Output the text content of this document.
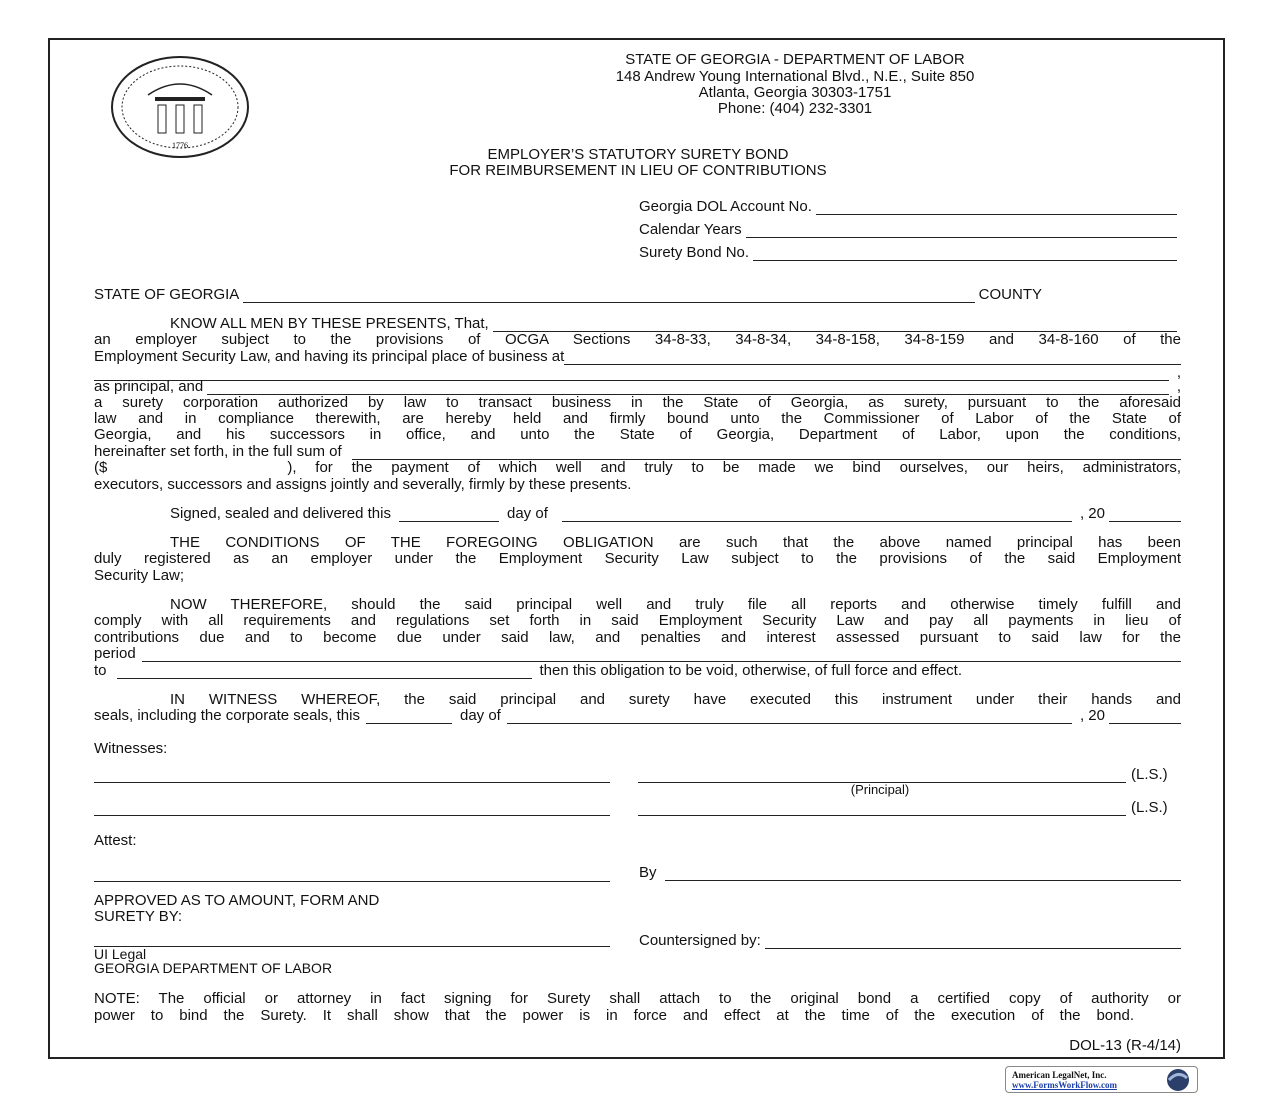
1776
STATE OF GEORGIA - DEPARTMENT OF LABOR
148 Andrew Young International Blvd., N.E., Suite 850
Atlanta, Georgia 30303-1751
Phone: (404) 232-3301
EMPLOYER’S STATUTORY SURETY BOND
FOR REIMBURSEMENT IN LIEU OF CONTRIBUTIONS
Georgia DOL Account No.
Calendar Years
Surety Bond No.
STATE OF GEORGIA	COUNTY
KNOW ALL MEN BY THESE PRESENTS, That,
an employer subject to the provisions of OCGA Sections 34-8-33, 34-8-34, 34-8-158, 34-8-159 and 34-8-160 of the
Employment Security Law, and having its principal place of business at
,
as principal, and	,
a surety corporation authorized by law to transact business in the State of Georgia, as surety, pursuant to the aforesaid
law and in compliance therewith, are hereby held and firmly bound unto the Commissioner of Labor of the State of
Georgia, and his successors in office, and unto the State of Georgia, Department of Labor, upon the conditions,
hereinafter set forth, in the full sum of
($	), for the payment of which well and truly to be made we bind ourselves, our heirs, administrators,
executors, successors and assigns jointly and severally, firmly by these presents.
Signed, sealed and delivered this	day of	, 20
THE CONDITIONS OF THE FOREGOING OBLIGATION are such that the above named principal has been
duly registered as an employer under the Employment Security Law subject to the provisions of the said Employment
Security Law;
NOW THEREFORE, should the said principal well and truly file all reports and otherwise timely fulfill and
comply with all requirements and regulations set forth in said Employment Security Law and pay all payments in lieu of
contributions due and to become due under said law, and penalties and interest assessed pursuant to said law for the
period
to	then this obligation to be void, otherwise, of full force and effect.
IN WITNESS WHEREOF, the said principal and surety have executed this instrument under their hands and
seals, including the corporate seals, this	day of	, 20
Witnesses:
(L.S.)
(Principal)
(L.S.)
Attest:
By
APPROVED AS TO AMOUNT, FORM AND
SURETY BY:
Countersigned by:
UI Legal
GEORGIA DEPARTMENT OF LABOR
NOTE: The official or attorney in fact signing for Surety shall attach to the original bond a certified copy of authority or
power to bind the Surety. It shall show that the power is in force and effect at the time of the execution of the bond.
DOL-13 (R-4/14)
American LegalNet, Inc.
www.FormsWorkFlow.com
